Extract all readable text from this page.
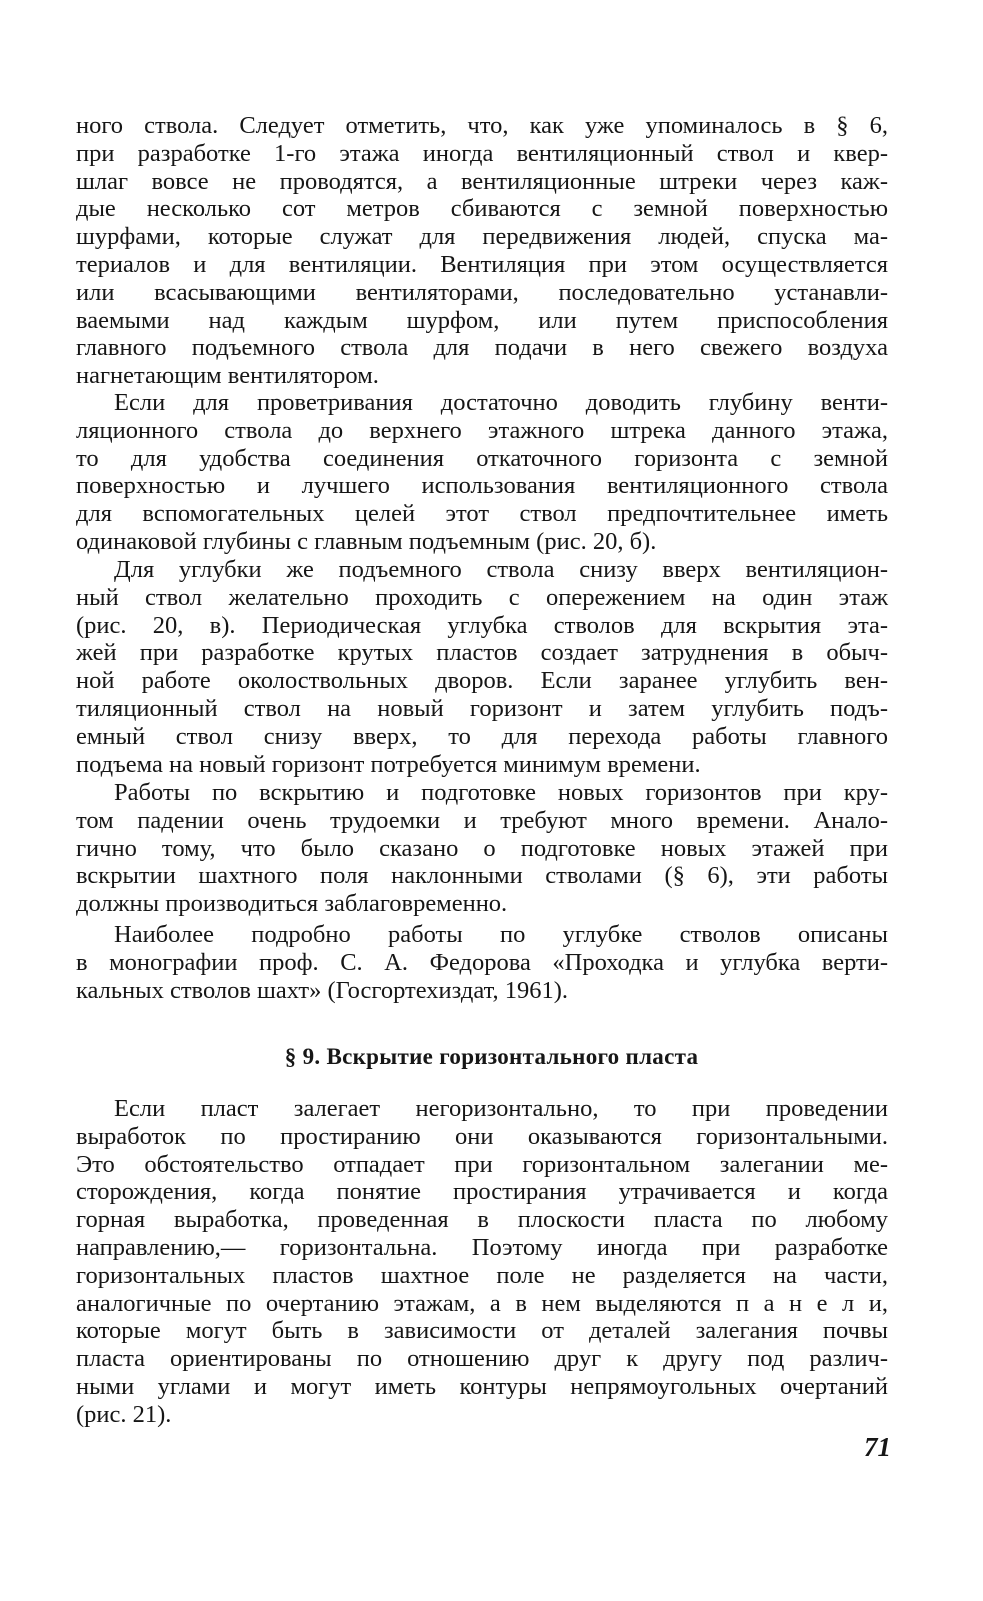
ного ствола. Следует отметить, что, как уже упоминалось в § 6,
при разработке 1-го этажа иногда вентиляционный ствол и квер-
шлаг вовсе не проводятся, а вентиляционные штреки через каж-
дые несколько сот метров сбиваются с земной поверхностью
шурфами, которые служат для передвижения людей, спуска ма-
териалов и для вентиляции. Вентиляция при этом осуществляется
или всасывающими вентиляторами, последовательно устанавли-
ваемыми над каждым шурфом, или путем приспособления
главного подъемного ствола для подачи в него свежего воздуха
нагнетающим вентилятором.
Если для проветривания достаточно доводить глубину венти-
ляционного ствола до верхнего этажного штрека данного этажа,
то для удобства соединения откаточного горизонта с земной
поверхностью и лучшего использования вентиляционного ствола
для вспомогательных целей этот ствол предпочтительнее иметь
одинаковой глубины с главным подъемным (рис. 20, б).
Для углубки же подъемного ствола снизу вверх вентиляцион-
ный ствол желательно проходить с опережением на один этаж
(рис. 20, в). Периодическая углубка стволов для вскрытия эта-
жей при разработке крутых пластов создает затруднения в обыч-
ной работе околоствольных дворов. Если заранее углубить вен-
тиляционный ствол на новый горизонт и затем углубить подъ-
емный ствол снизу вверх, то для перехода работы главного
подъема на новый горизонт потребуется минимум времени.
Работы по вскрытию и подготовке новых горизонтов при кру-
том падении очень трудоемки и требуют много времени. Анало-
гично тому, что было сказано о подготовке новых этажей при
вскрытии шахтного поля наклонными стволами (§ 6), эти работы
должны производиться заблаговременно.
Наиболее подробно работы по углубке стволов описаны
в монографии проф. С. А. Федорова «Проходка и углубка верти-
кальных стволов шахт» (Госгортехиздат, 1961).
§ 9. Вскрытие горизонтального пласта
Если пласт залегает негоризонтально, то при проведении
выработок по простиранию они оказываются горизонтальными.
Это обстоятельство отпадает при горизонтальном залегании ме-
сторождения, когда понятие простирания утрачивается и когда
горная выработка, проведенная в плоскости пласта по любому
направлению,— горизонтальна. Поэтому иногда при разработке
горизонтальных пластов шахтное поле не разделяется на части,
аналогичные по очертанию этажам, а в нем выделяются п а н е л и,
которые могут быть в зависимости от деталей залегания почвы
пласта ориентированы по отношению друг к другу под различ-
ными углами и могут иметь контуры непрямоугольных очертаний
(рис. 21).
71
